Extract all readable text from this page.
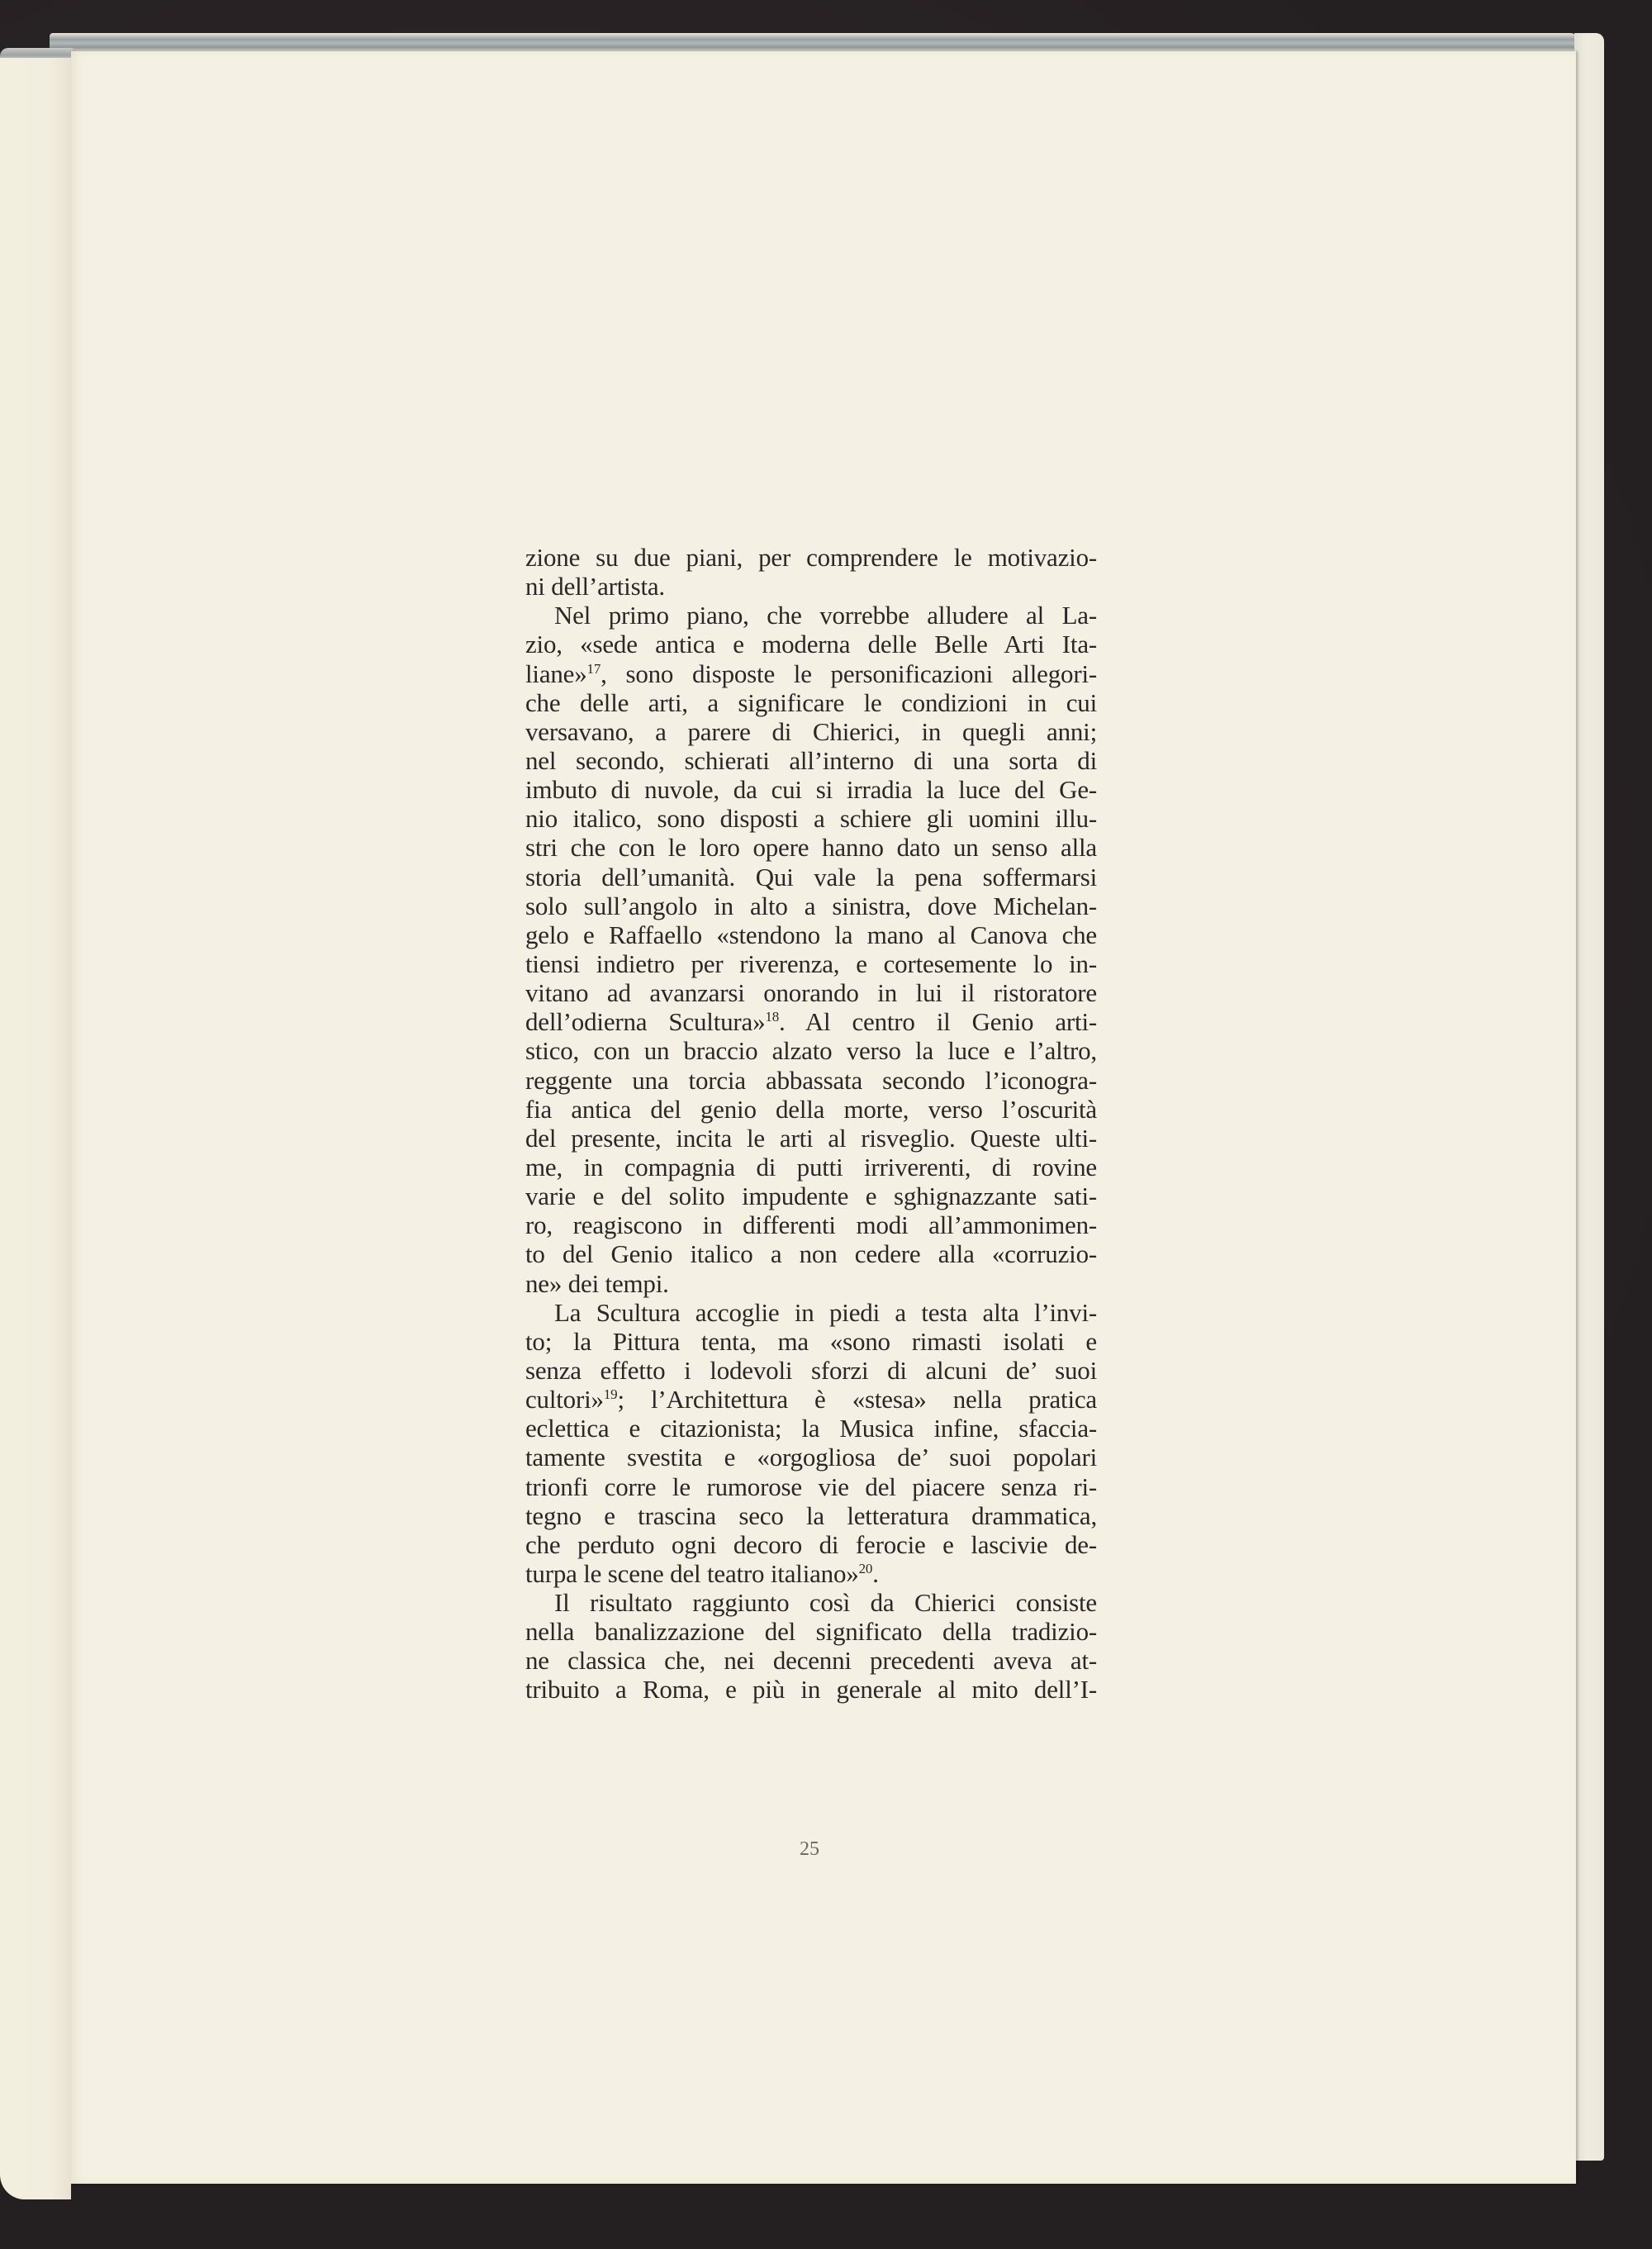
zione su due piani, per comprendere le motivazio-
ni dell’artista.
Nel primo piano, che vorrebbe alludere al La-
zio, «sede antica e moderna delle Belle Arti Ita-
liane»$^{17}$, sono disposte le personificazioni allegori-
che delle arti, a significare le condizioni in cui
versavano, a parere di Chierici, in quegli anni;
nel secondo, schierati all’interno di una sorta di
imbuto di nuvole, da cui si irradia la luce del Ge-
nio italico, sono disposti a schiere gli uomini illu-
stri che con le loro opere hanno dato un senso alla
storia dell’umanità. Qui vale la pena soffermarsi
solo sull’angolo in alto a sinistra, dove Michelan-
gelo e Raffaello «stendono la mano al Canova che
tiensi indietro per riverenza, e cortesemente lo in-
vitano ad avanzarsi onorando in lui il ristoratore
dell’odierna Scultura»$^{18}$. Al centro il Genio arti-
stico, con un braccio alzato verso la luce e l’altro,
reggente una torcia abbassata secondo l’iconogra-
fia antica del genio della morte, verso l’oscurità
del presente, incita le arti al risveglio. Queste ulti-
me, in compagnia di putti irriverenti, di rovine
varie e del solito impudente e sghignazzante sati-
ro, reagiscono in differenti modi all’ammonimen-
to del Genio italico a non cedere alla «corruzio-
ne» dei tempi.
La Scultura accoglie in piedi a testa alta l’invi-
to; la Pittura tenta, ma «sono rimasti isolati e
senza effetto i lodevoli sforzi di alcuni de’ suoi
cultori»$^{19}$; l’Architettura è «stesa» nella pratica
eclettica e citazionista; la Musica infine, sfaccia-
tamente svestita e «orgogliosa de’ suoi popolari
trionfi corre le rumorose vie del piacere senza ri-
tegno e trascina seco la letteratura drammatica,
che perduto ogni decoro di ferocie e lascivie de-
turpa le scene del teatro italiano»$^{20}$.
Il risultato raggiunto così da Chierici consiste
nella banalizzazione del significato della tradizio-
ne classica che, nei decenni precedenti aveva at-
tribuito a Roma, e più in generale al mito dell’I-
25
